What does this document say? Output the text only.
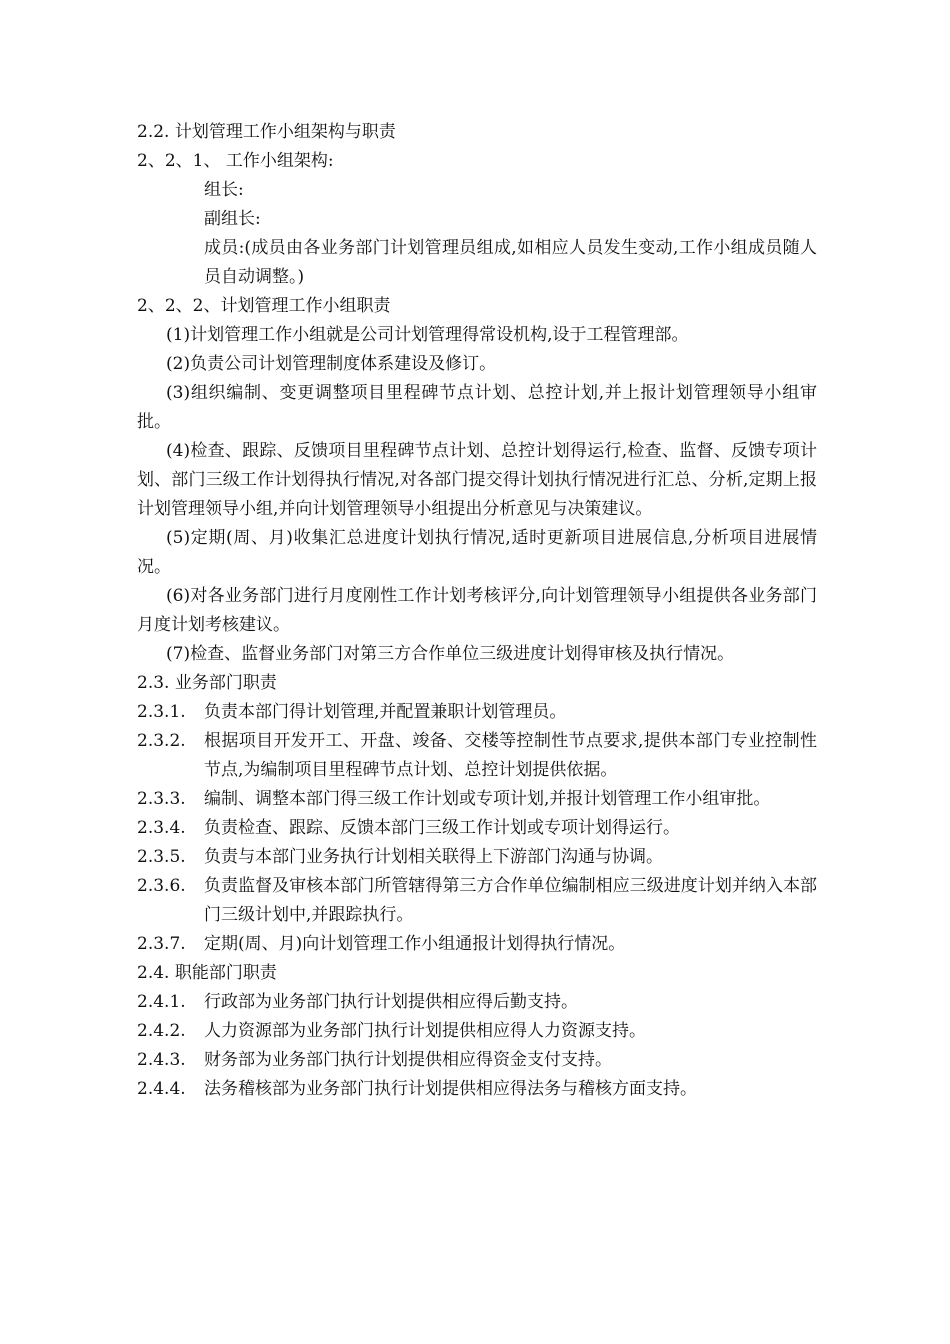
2.2. 计划管理工作小组架构与职责
2、2、1、 工作小组架构:
组长:
副组长:
成员:(成员由各业务部门计划管理员组成,如相应人员发生变动,工作小组成员随人员自动调整。)
2、2、2、计划管理工作小组职责
(1)计划管理工作小组就是公司计划管理得常设机构,设于工程管理部。
(2)负责公司计划管理制度体系建设及修订。
(3)组织编制、变更调整项目里程碑节点计划、总控计划,并上报计划管理领导小组审批。
(4)检查、跟踪、反馈项目里程碑节点计划、总控计划得运行,检查、监督、反馈专项计划、部门三级工作计划得执行情况,对各部门提交得计划执行情况进行汇总、分析,定期上报计划管理领导小组,并向计划管理领导小组提出分析意见与决策建议。
(5)定期(周、月)收集汇总进度计划执行情况,适时更新项目进展信息,分析项目进展情况。
(6)对各业务部门进行月度刚性工作计划考核评分,向计划管理领导小组提供各业务部门月度计划考核建议。
(7)检查、监督业务部门对第三方合作单位三级进度计划得审核及执行情况。
2.3. 业务部门职责
2.3.1.	负责本部门得计划管理,并配置兼职计划管理员。
2.3.2.	根据项目开发开工、开盘、竣备、交楼等控制性节点要求,提供本部门专业控制性节点,为编制项目里程碑节点计划、总控计划提供依据。
2.3.3.	编制、调整本部门得三级工作计划或专项计划,并报计划管理工作小组审批。
2.3.4.	负责检查、跟踪、反馈本部门三级工作计划或专项计划得运行。
2.3.5.	负责与本部门业务执行计划相关联得上下游部门沟通与协调。
2.3.6.	负责监督及审核本部门所管辖得第三方合作单位编制相应三级进度计划并纳入本部门三级计划中,并跟踪执行。
2.3.7.	定期(周、月)向计划管理工作小组通报计划得执行情况。
2.4. 职能部门职责
2.4.1.	行政部为业务部门执行计划提供相应得后勤支持。
2.4.2.	人力资源部为业务部门执行计划提供相应得人力资源支持。
2.4.3.	财务部为业务部门执行计划提供相应得资金支付支持。
2.4.4.	法务稽核部为业务部门执行计划提供相应得法务与稽核方面支持。
